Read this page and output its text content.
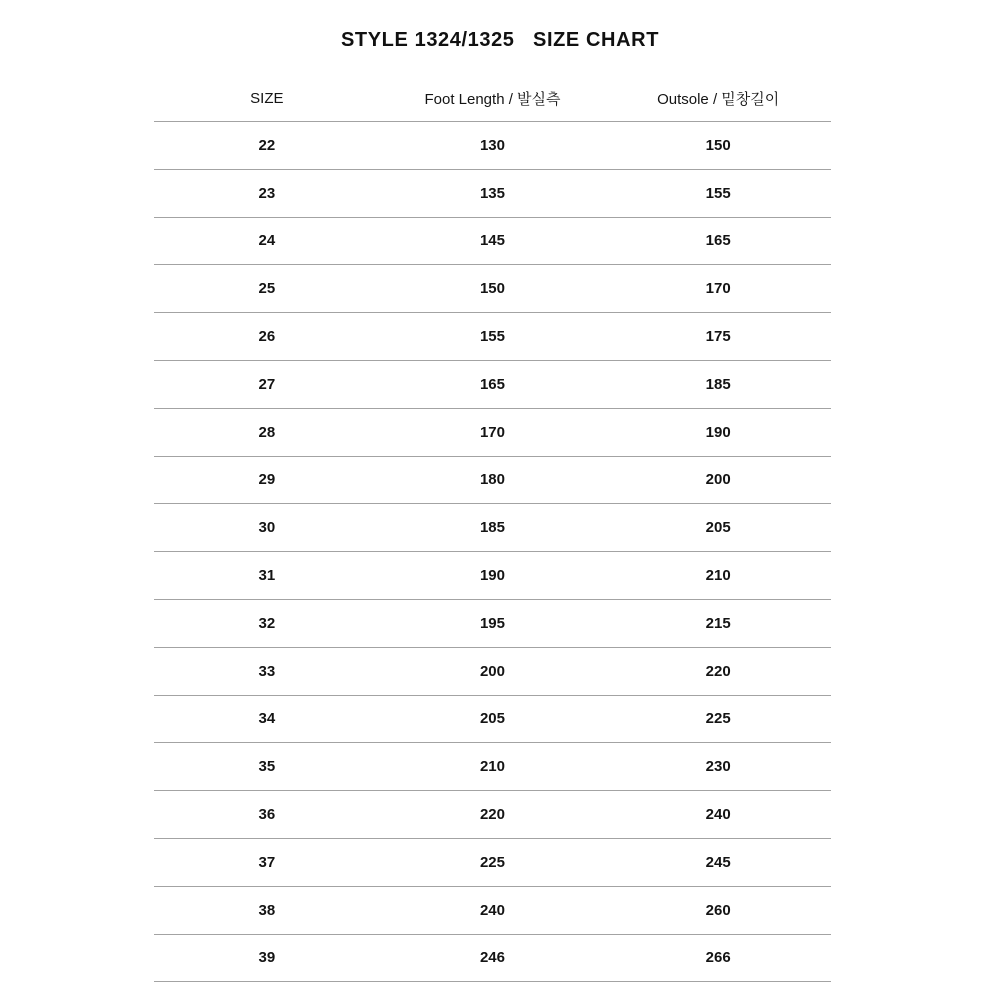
STYLE 1324/1325   SIZE CHART
SIZE	Foot Length / 발실측	Outsole / 밑창길이
22	130	150
23	135	155
24	145	165
25	150	170
26	155	175
27	165	185
28	170	190
29	180	200
30	185	205
31	190	210
32	195	215
33	200	220
34	205	225
35	210	230
36	220	240
37	225	245
38	240	260
39	246	266
